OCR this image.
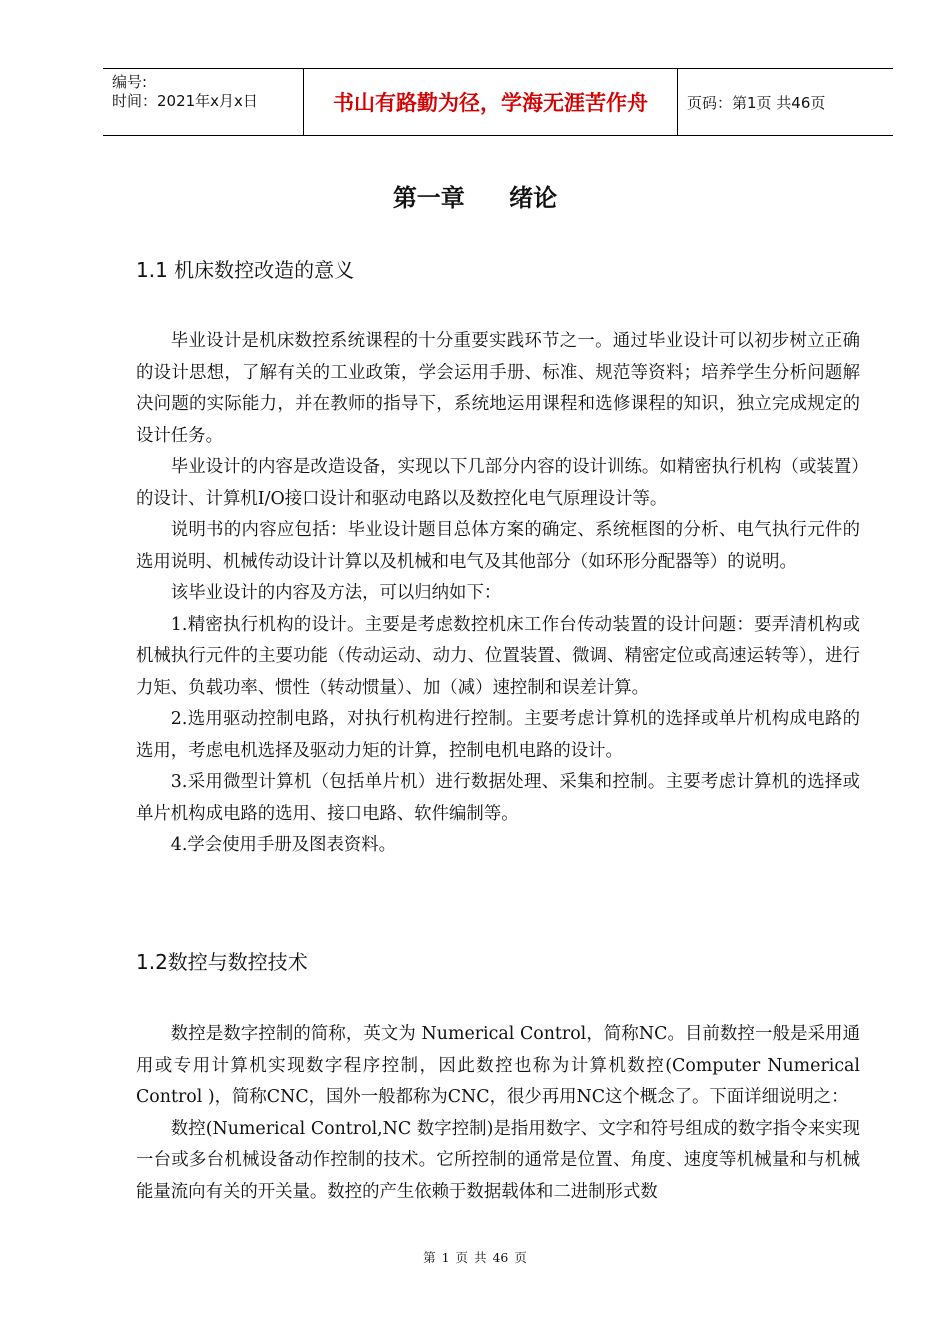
编号:
时间：2021年x月x日	书山有路勤为径，学海无涯苦作舟	页码：第1页 共46页
第一章 绪论
1.1 机床数控改造的意义

毕业设计是机床数控系统课程的十分重要实践环节之一。通过毕业设计可以初步树立正确的设计思想，了解有关的工业政策，学会运用手册、标准、规范等资料；培养学生分析问题解决问题的实际能力，并在教师的指导下，系统地运用课程和选修课程的知识，独立完成规定的设计任务。

毕业设计的内容是改造设备，实现以下几部分内容的设计训练。如精密执行机构（或装置）的设计、计算机I/O接口设计和驱动电路以及数控化电气原理设计等。

说明书的内容应包括：毕业设计题目总体方案的确定、系统框图的分析、电气执行元件的选用说明、机械传动设计计算以及机械和电气及其他部分（如环形分配器等）的说明。

该毕业设计的内容及方法，可以归纳如下：

1.精密执行机构的设计。主要是考虑数控机床工作台传动装置的设计问题：要弄清机构或机械执行元件的主要功能（传动运动、动力、位置装置、微调、精密定位或高速运转等），进行力矩、负载功率、惯性（转动惯量）、加（减）速控制和误差计算。

2.选用驱动控制电路，对执行机构进行控制。主要考虑计算机的选择或单片机构成电路的选用，考虑电机选择及驱动力矩的计算，控制电机电路的设计。

3.采用微型计算机（包括单片机）进行数据处理、采集和控制。主要考虑计算机的选择或单片机构成电路的选用、接口电路、软件编制等。

4.学会使用手册及图表资料。

1.2数控与数控技术

数控是数字控制的简称，英文为 Numerical Control，简称NC。目前数控一般是采用通用或专用计算机实现数字程序控制，因此数控也称为计算机数控(Computer Numerical Control )，简称CNC，国外一般都称为CNC，很少再用NC这个概念了。下面详细说明之：

数控(Numerical Control,NC 数字控制)是指用数字、文字和符号组成的数字指令来实现一台或多台机械设备动作控制的技术。它所控制的通常是位置、角度、速度等机械量和与机械能量流向有关的开关量。数控的产生依赖于数据载体和二进制形式数

第 1 页 共 46 页
